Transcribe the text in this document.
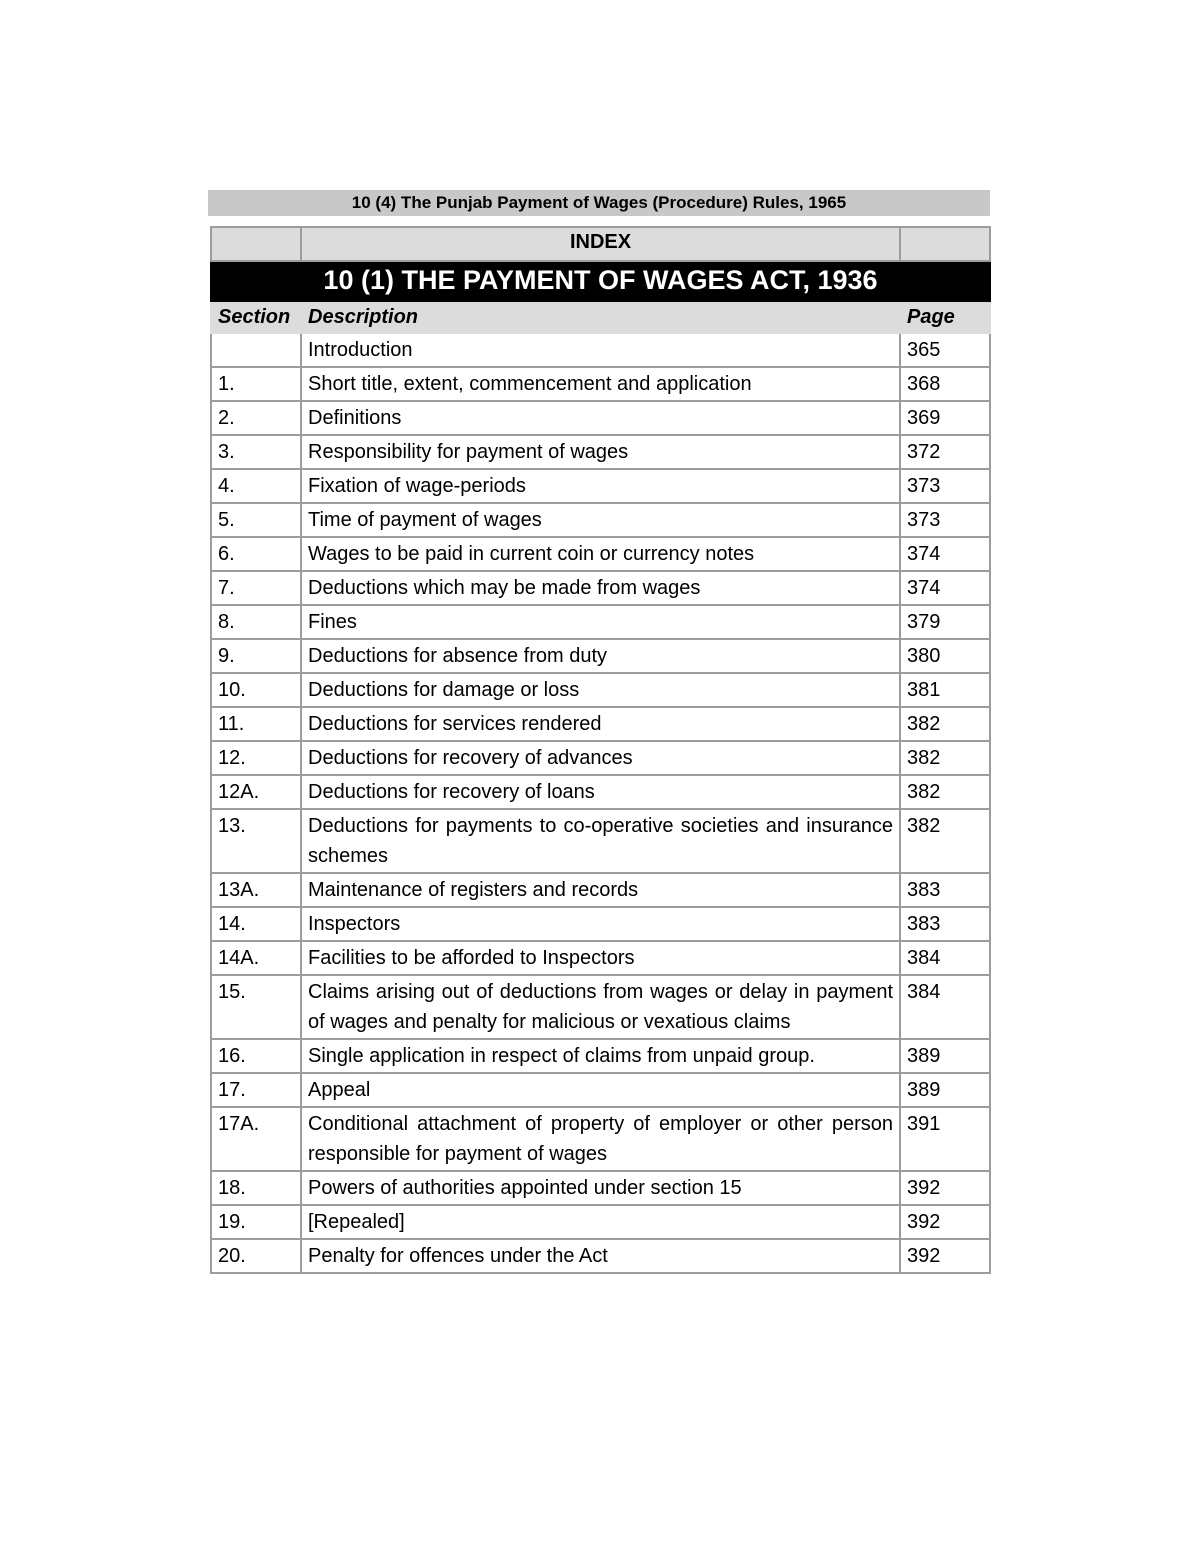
10 (4) The Punjab Payment of Wages (Procedure) Rules, 1965
	INDEX	
10 (1) THE PAYMENT OF WAGES ACT, 1936		
Section	Description	Page
	Introduction	365
1.	Short title, extent, commencement and application	368
2.	Definitions	369
3.	Responsibility for payment of wages	372
4.	Fixation of wage-periods	373
5.	Time of payment of wages	373
6.	Wages to be paid in current coin or currency notes	374
7.	Deductions which may be made from wages	374
8.	Fines	379
9.	Deductions for absence from duty	380
10.	Deductions for damage or loss	381
11.	Deductions for services rendered	382
12.	Deductions for recovery of advances	382
12A.	Deductions for recovery of loans	382
13.	Deductions for payments to co-operative societies and insurance schemes	382
13A.	Maintenance of registers and records	383
14.	Inspectors	383
14A.	Facilities to be afforded to Inspectors	384
15.	Claims arising out of deductions from wages or delay in payment of wages and penalty for malicious or vexatious claims	384
16.	Single application in respect of claims from unpaid group.	389
17.	Appeal	389
17A.	Conditional attachment of property of employer or other person responsible for payment of wages	391
18.	Powers of authorities appointed under section 15	392
19.	[Repealed]	392
20.	Penalty for offences under the Act	392
